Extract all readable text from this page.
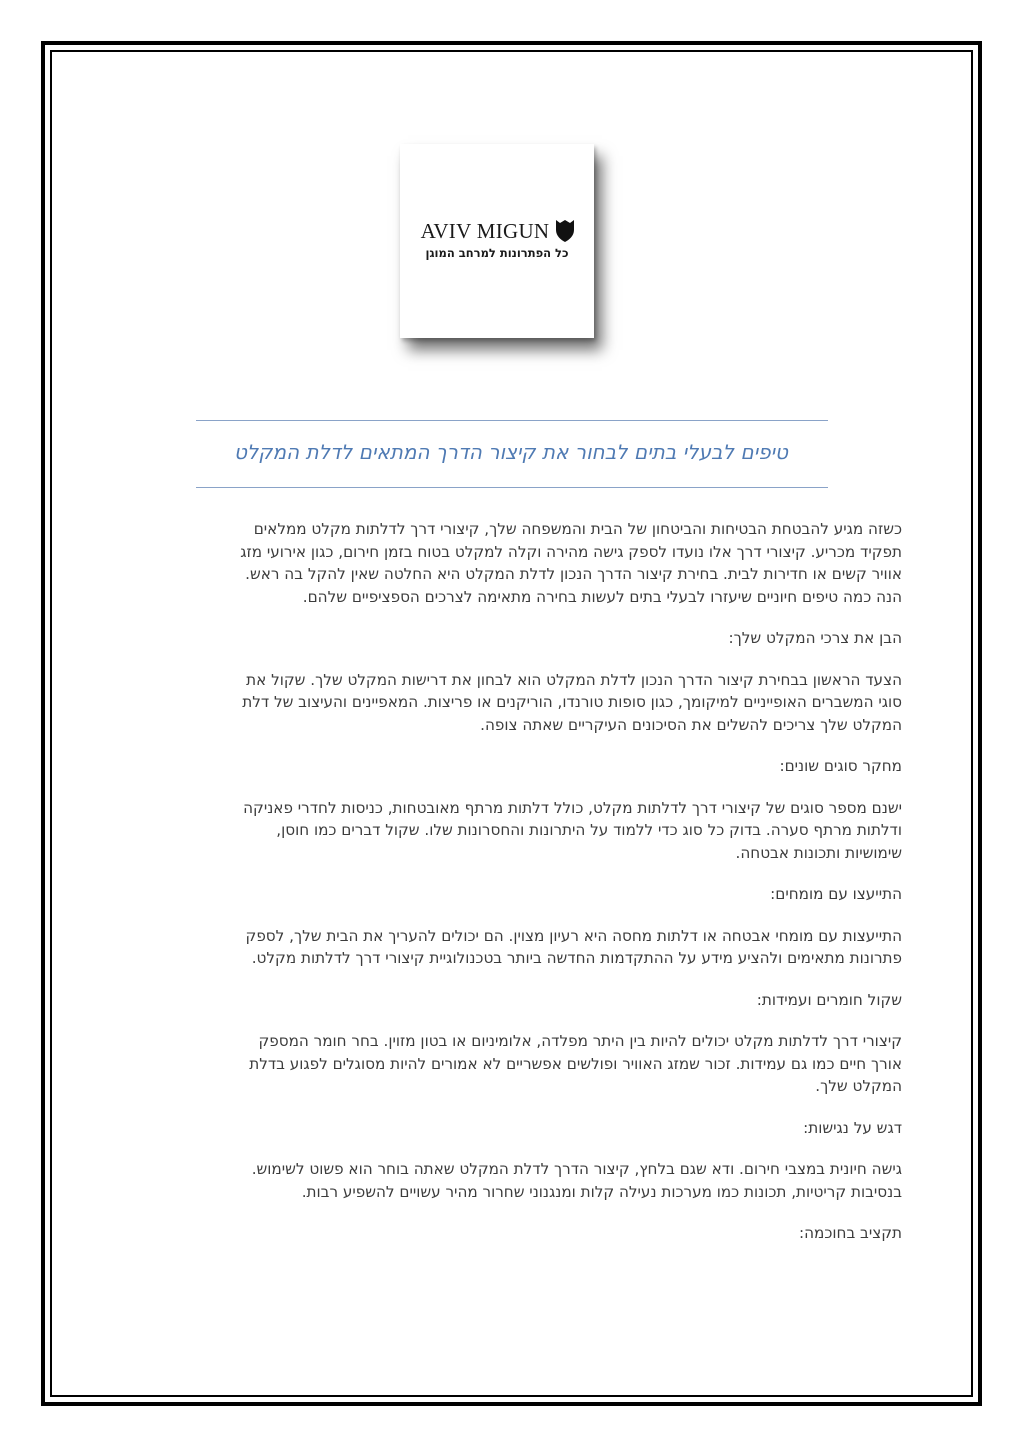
AVIV MIGUN
כל הפתרונות למרחב המוגן
טיפים לבעלי בתים לבחור את קיצור הדרך המתאים לדלת המקלט

כשזה מגיע להבטחת הבטיחות והביטחון של הבית והמשפחה שלך, קיצורי דרך לדלתות מקלט ממלאים

תפקיד מכריע. קיצורי דרך אלו נועדו לספק גישה מהירה וקלה למקלט בטוח בזמן חירום, כגון אירועי מזג

אוויר קשים או חדירות לבית. בחירת קיצור הדרך הנכון לדלת המקלט היא החלטה שאין להקל בה ראש.

הנה כמה טיפים חיוניים שיעזרו לבעלי בתים לעשות בחירה מתאימה לצרכים הספציפיים שלהם.

הבן את צרכי המקלט שלך:

הצעד הראשון בבחירת קיצור הדרך הנכון לדלת המקלט הוא לבחון את דרישות המקלט שלך. שקול את

סוגי המשברים האופייניים למיקומך, כגון סופות טורנדו, הוריקנים או פריצות. המאפיינים והעיצוב של דלת

המקלט שלך צריכים להשלים את הסיכונים העיקריים שאתה צופה.

מחקר סוגים שונים:

ישנם מספר סוגים של קיצורי דרך לדלתות מקלט, כולל דלתות מרתף מאובטחות, כניסות לחדרי פאניקה

ודלתות מרתף סערה. בדוק כל סוג כדי ללמוד על היתרונות והחסרונות שלו. שקול דברים כמו חוסן,

שימושיות ותכונות אבטחה.

התייעצו עם מומחים:

התייעצות עם מומחי אבטחה או דלתות מחסה היא רעיון מצוין. הם יכולים להעריך את הבית שלך, לספק

פתרונות מתאימים ולהציע מידע על ההתקדמות החדשה ביותר בטכנולוגיית קיצורי דרך לדלתות מקלט.

שקול חומרים ועמידות:

קיצורי דרך לדלתות מקלט יכולים להיות בין היתר מפלדה, אלומיניום או בטון מזוין. בחר חומר המספק

אורך חיים כמו גם עמידות. זכור שמזג האוויר ופולשים אפשריים לא אמורים להיות מסוגלים לפגוע בדלת

המקלט שלך.

דגש על נגישות:

גישה חיונית במצבי חירום. ודא שגם בלחץ, קיצור הדרך לדלת המקלט שאתה בוחר הוא פשוט לשימוש.

בנסיבות קריטיות, תכונות כמו מערכות נעילה קלות ומנגנוני שחרור מהיר עשויים להשפיע רבות.

תקציב בחוכמה:
